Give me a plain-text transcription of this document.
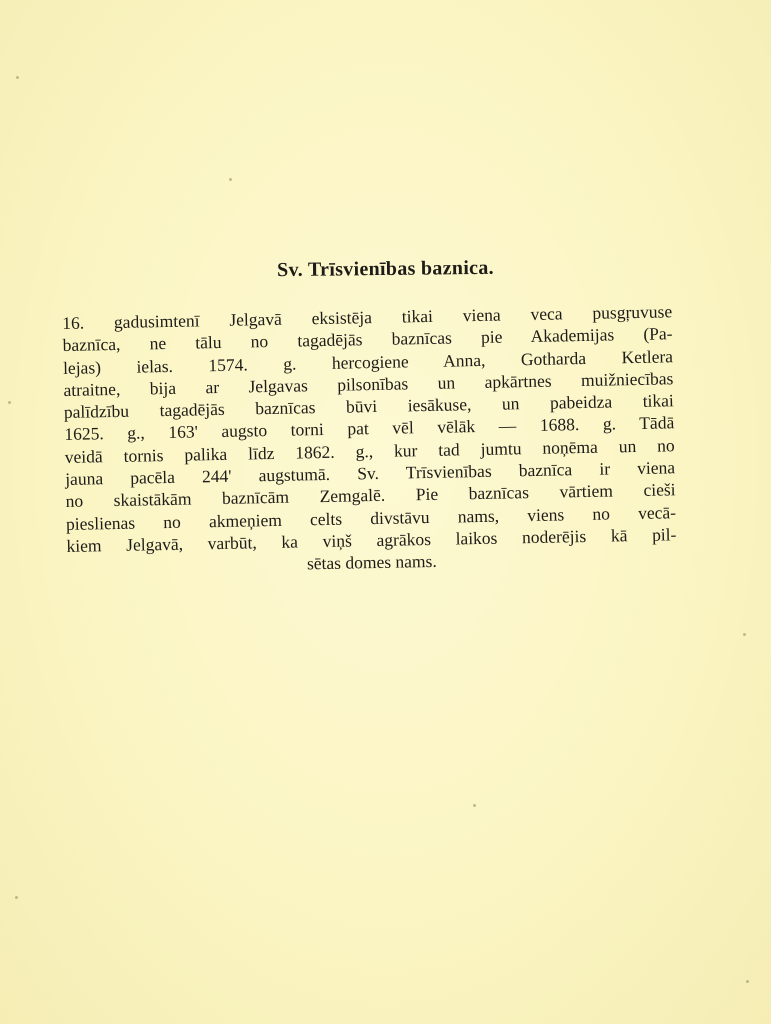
Sv. Trīsvienības baznica.
16. gadusimtenī Jelgavā eksistēja tikai viena veca pusgŗuvuse
baznīca, ne tālu no tagadējās baznīcas pie Akademijas (Pa-
lejas) ielas. 1574. g. hercogiene Anna, Gotharda Ketlera
atraitne, bija ar Jelgavas pilsonības un apkārtnes muižniecības
palīdzību tagadējās baznīcas būvi iesākuse, un pabeidza tikai
1625. g., 163' augsto torni pat vēl vēlāk — 1688. g. Tādā
veidā tornis palika līdz 1862. g., kur tad jumtu noņēma un no
jauna pacēla 244' augstumā. Sv. Trīsvienības baznīca ir viena
no skaistākām baznīcām Zemgalē. Pie baznīcas vārtiem cieši
pieslienas no akmeņiem celts divstāvu nams, viens no vecā-
kiem Jelgavā, varbūt, ka viņš agrākos laikos noderējis kā pil-
sētas domes nams.
